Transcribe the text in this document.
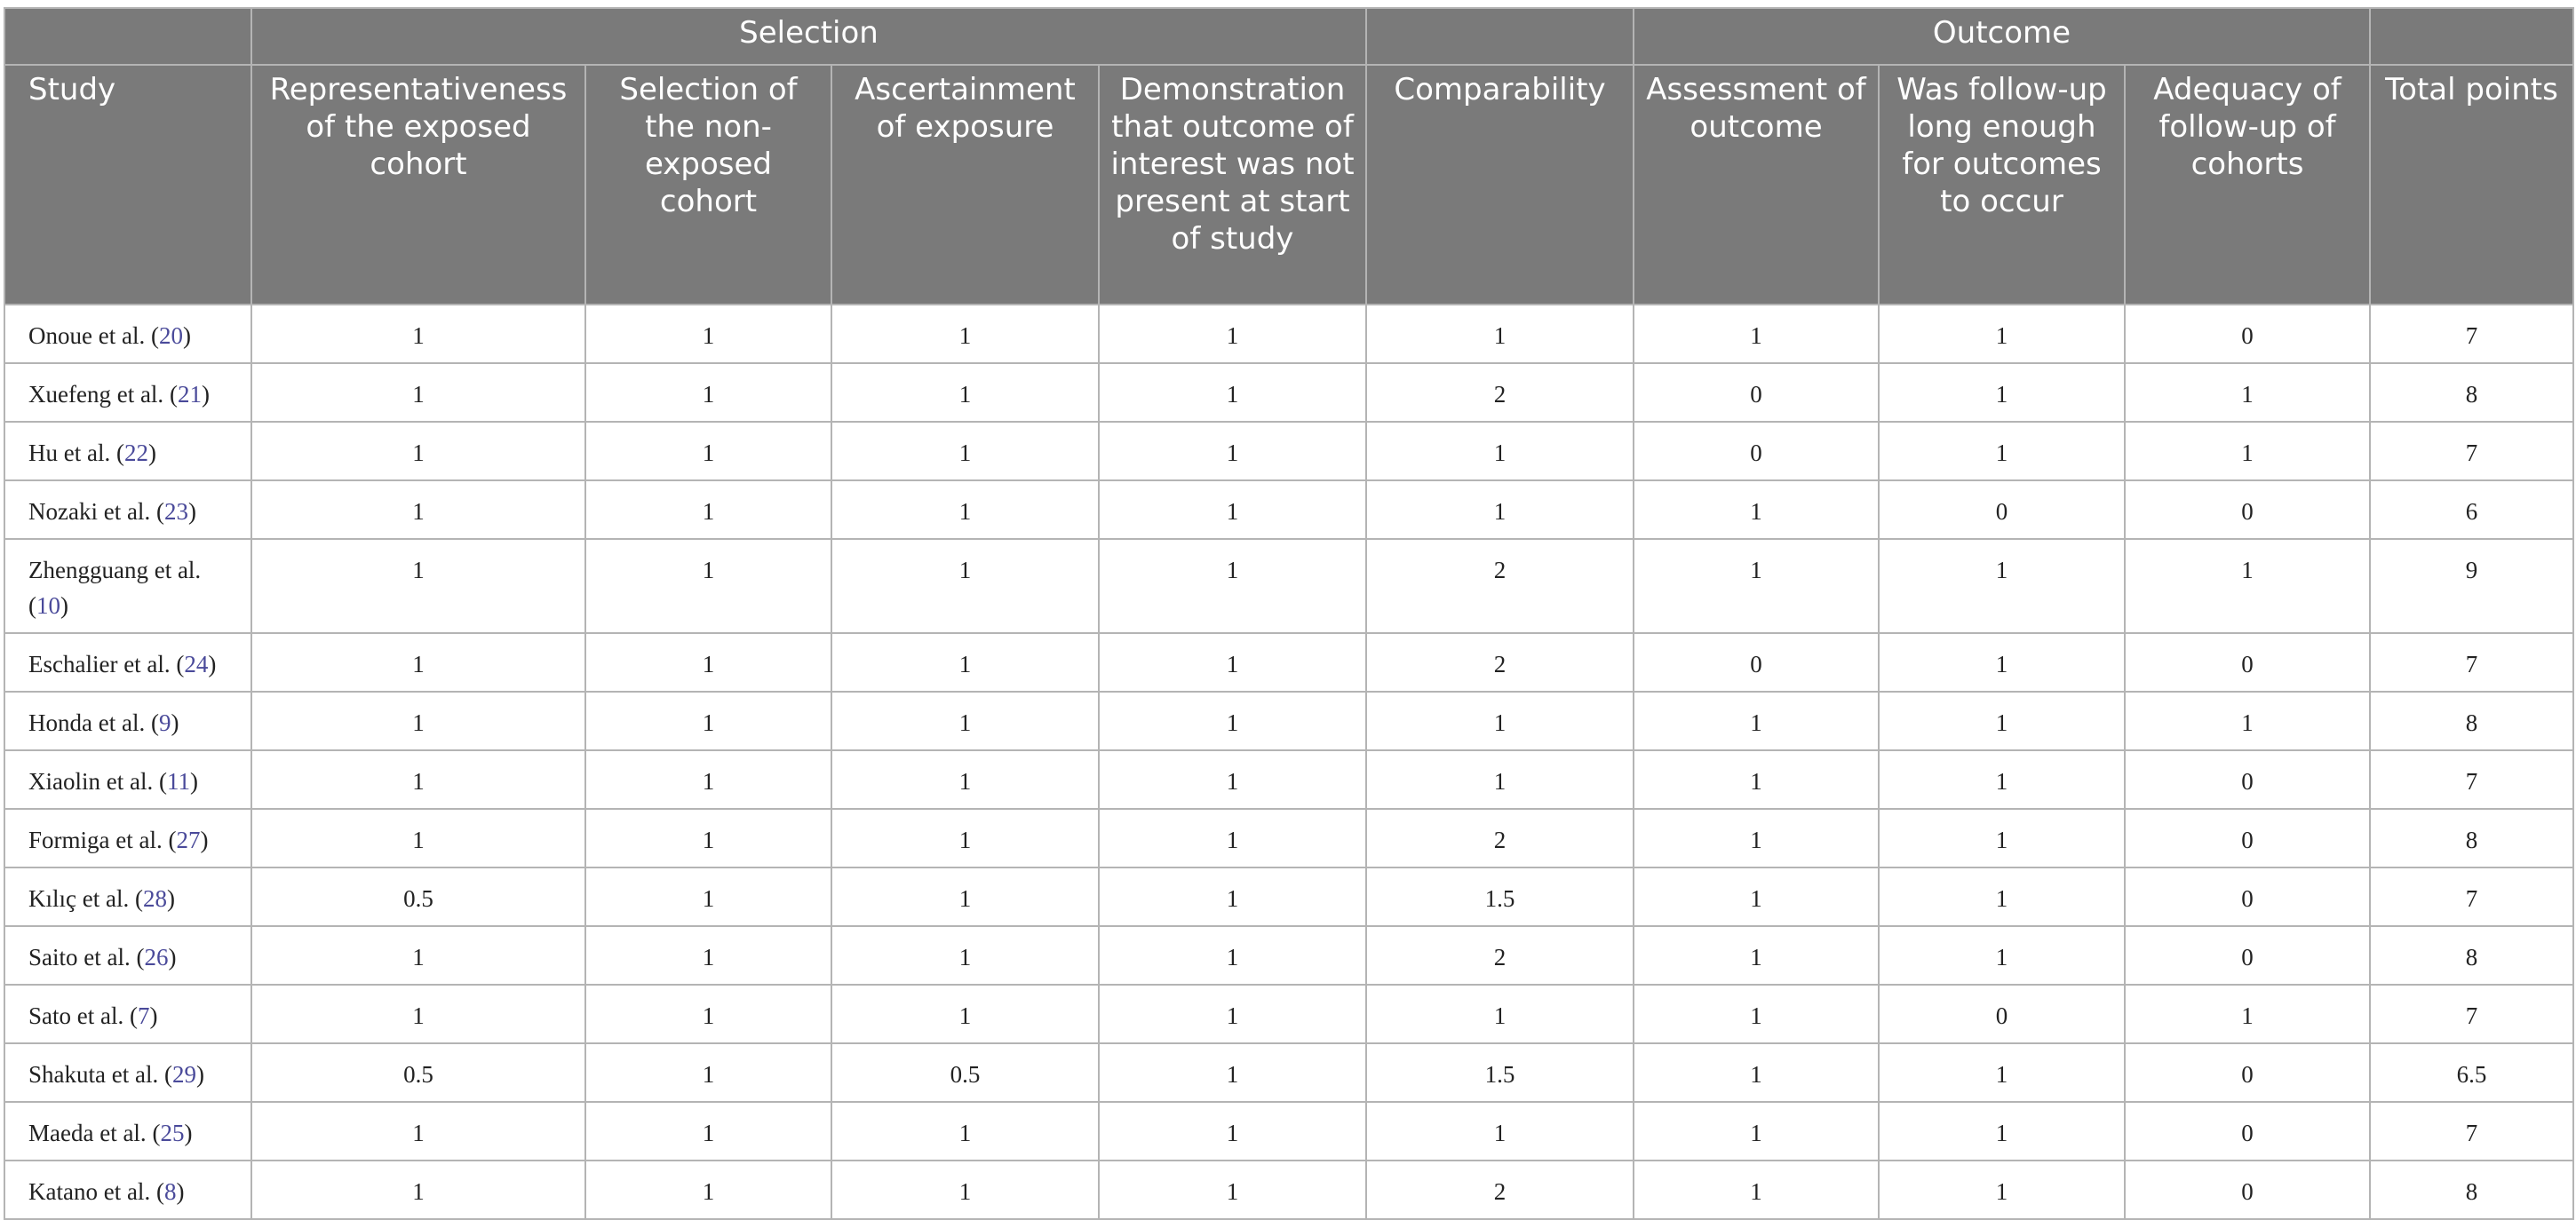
	Selection					Outcome			
Study	Representativeness of the exposed cohort	Selection of the non-exposed cohort	Ascertainment of exposure	Demonstration that outcome of interest was not present at start of study	Comparability	Assessment of outcome	Was follow-up long enough for outcomes to occur	Adequacy of follow-up of cohorts	Total points
Onoue et al. (20)	1	1	1	1	1	1	1	0	7
Xuefeng et al. (21)	1	1	1	1	2	0	1	1	8
Hu et al. (22)	1	1	1	1	1	0	1	1	7
Nozaki et al. (23)	1	1	1	1	1	1	0	0	6
Zhengguang et al. (10)	1	1	1	1	2	1	1	1	9
Eschalier et al. (24)	1	1	1	1	2	0	1	0	7
Honda et al. (9)	1	1	1	1	1	1	1	1	8
Xiaolin et al. (11)	1	1	1	1	1	1	1	0	7
Formiga et al. (27)	1	1	1	1	2	1	1	0	8
Kılıç et al. (28)	0.5	1	1	1	1.5	1	1	0	7
Saito et al. (26)	1	1	1	1	2	1	1	0	8
Sato et al. (7)	1	1	1	1	1	1	0	1	7
Shakuta et al. (29)	0.5	1	0.5	1	1.5	1	1	0	6.5
Maeda et al. (25)	1	1	1	1	1	1	1	0	7
Katano et al. (8)	1	1	1	1	2	1	1	0	8
